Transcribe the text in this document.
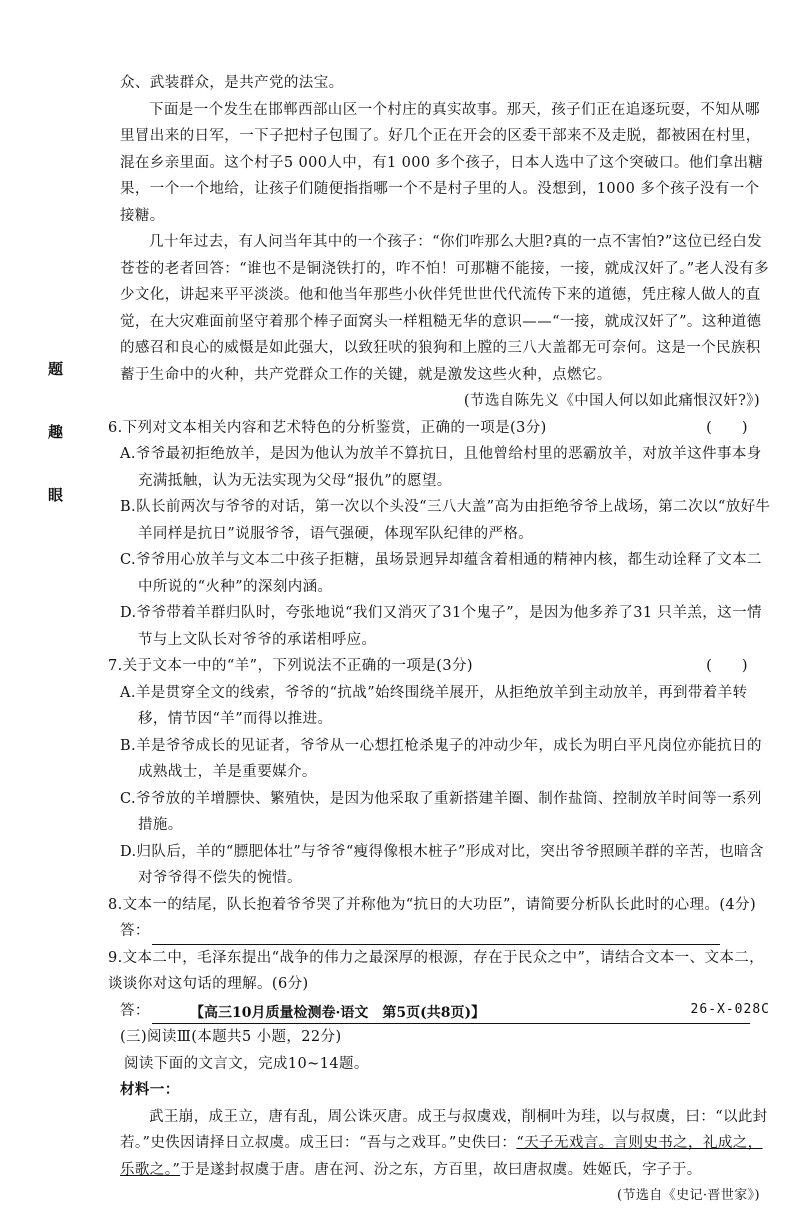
题
趣
眼

众、武装群众，是共产党的法宝。

下面是一个发生在邯郸西部山区一个村庄的真实故事。那天，孩子们正在追逐玩耍，不知从哪里冒出来的日军，一下子把村子包围了。好几个正在开会的区委干部来不及走脱，都被困在村里，混在乡亲里面。这个村子5 000人中，有1 000 多个孩子，日本人选中了这个突破口。他们拿出糖果，一个一个地给，让孩子们随便指指哪一个不是村子里的人。没想到，1000 多个孩子没有一个接糖。

几十年过去，有人问当年其中的一个孩子：“你们咋那么大胆?真的一点不害怕?”这位已经白发苍苍的老者回答：“谁也不是铜浇铁打的，咋不怕！可那糖不能接，一接，就成汉奸了。”老人没有多少文化，讲起来平平淡淡。他和他当年那些小伙伴凭世世代代流传下来的道德，凭庄稼人做人的直觉，在大灾难面前坚守着那个棒子面窝头一样粗糙无华的意识——“一接，就成汉奸了”。这种道德的感召和良心的威慑是如此强大，以致狂吠的狼狗和上膛的三八大盖都无可奈何。这是一个民族积蓄于生命中的火种，共产党群众工作的关键，就是激发这些火种，点燃它。

(节选自陈先义《中国人何以如此痛恨汉奸?》)

6.下列对文本相关内容和艺术特色的分析鉴赏，正确的一项是(3分)	(　　)

A.爷爷最初拒绝放羊，是因为他认为放羊不算抗日，且他曾给村里的恶霸放羊，对放羊这件事本身充满抵触，认为无法实现为父母“报仇”的愿望。

B.队长前两次与爷爷的对话，第一次以个头没“三八大盖”高为由拒绝爷爷上战场，第二次以“放好牛羊同样是抗日”说服爷爷，语气强硬，体现军队纪律的严格。

C.爷爷用心放羊与文本二中孩子拒糖，虽场景迥异却蕴含着相通的精神内核，都生动诠释了文本二中所说的“火种”的深刻内涵。

D.爷爷带着羊群归队时，夸张地说“我们又消灭了31个鬼子”，是因为他多养了31 只羊羔，这一情节与上文队长对爷爷的承诺相呼应。

7.关于文本一中的“羊”，下列说法不正确的一项是(3分)	(　　)

A.羊是贯穿全文的线索，爷爷的“抗战”始终围绕羊展开，从拒绝放羊到主动放羊，再到带着羊转移，情节因“羊”而得以推进。

B.羊是爷爷成长的见证者，爷爷从一心想扛枪杀鬼子的冲动少年，成长为明白平凡岗位亦能抗日的成熟战士，羊是重要媒介。

C.爷爷放的羊增膘快、繁殖快，是因为他采取了重新搭建羊圈、制作盐筒、控制放羊时间等一系列措施。

D.归队后，羊的“膘肥体壮”与爷爷“瘦得像根木桩子”形成对比，突出爷爷照顾羊群的辛苦，也暗含对爷爷得不偿失的惋惜。

8.文本一的结尾，队长抱着爷爷哭了并称他为“抗日的大功臣”，请简要分析队长此时的心理。(4分)

答：

9.文本二中，毛泽东提出“战争的伟力之最深厚的根源，存在于民众之中”，请结合文本一、文本二，谈谈你对这句话的理解。(6分)

答：

(三)阅读Ⅲ(本题共5 小题，22分)

阅读下面的文言文，完成10~14题。

材料一：

武王崩，成王立，唐有乱，周公诛灭唐。成王与叔虞戏，削桐叶为珪，以与叔虞，曰：“以此封若。”史佚因请择日立叔虞。成王曰：“吾与之戏耳。”史佚曰：“天子无戏言。言则史书之，礼成之，乐歌之。”于是遂封叔虞于唐。唐在河、汾之东，方百里，故曰唐叔虞。姓姬氏，字子于。

(节选自《史记·晋世家》)

【高三10月质量检测卷·语文　第5页(共8页)】	26-X-028C
